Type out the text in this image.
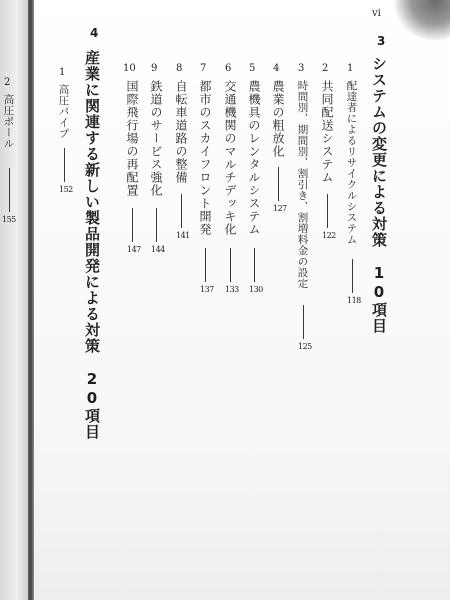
2
高圧ポール
155
vi
3
システムの変更による対策　10項目
1
配達者によるリサイクルシステム
118
2
共同配送システム
122
3
時間別、期間別、割引き、割増料金の設定
125
4
農業の粗放化
127
5
農機具のレンタルシステム
130
6
交通機関のマルチデッキ化
133
7
都市のスカイフロント開発
137
8
自転車道路の整備
141
9
鉄道のサービス強化
144
10
国際飛行場の再配置
147
4
産業に関連する新しい製品開発による対策　20項目
1
高圧パイプ
152
